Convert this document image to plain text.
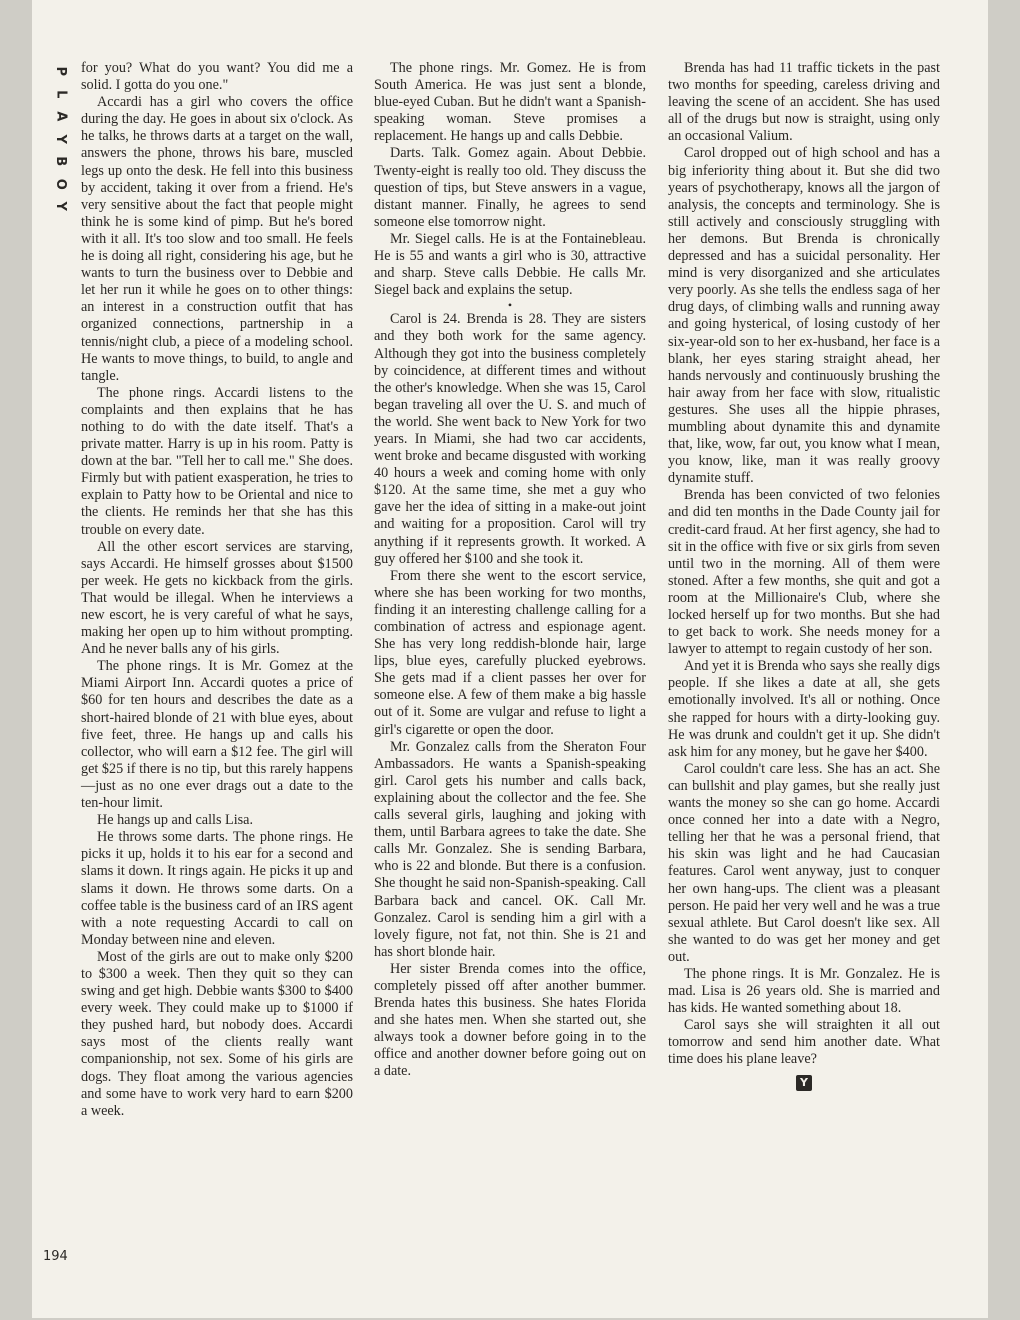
P
L
A
Y
B
O
Y
194

for you? What do you want? You did me a solid. I gotta do you one."

Accardi has a girl who covers the office during the day. He goes in about six o'clock. As he talks, he throws darts at a target on the wall, answers the phone, throws his bare, muscled legs up onto the desk. He fell into this business by accident, taking it over from a friend. He's very sensitive about the fact that people might think he is some kind of pimp. But he's bored with it all. It's too slow and too small. He feels he is doing all right, considering his age, but he wants to turn the business over to Debbie and let her run it while he goes on to other things: an interest in a construction outfit that has organized connections, partnership in a tennis/night club, a piece of a modeling school. He wants to move things, to build, to angle and tangle.

The phone rings. Accardi listens to the complaints and then explains that he has nothing to do with the date itself. That's a private matter. Harry is up in his room. Patty is down at the bar. "Tell her to call me." She does. Firmly but with patient exasperation, he tries to explain to Patty how to be Oriental and nice to the clients. He reminds her that she has this trouble on every date.

All the other escort services are starving, says Accardi. He himself grosses about $1500 per week. He gets no kickback from the girls. That would be illegal. When he interviews a new escort, he is very careful of what he says, making her open up to him without prompting. And he never balls any of his girls.

The phone rings. It is Mr. Gomez at the Miami Airport Inn. Accardi quotes a price of $60 for ten hours and describes the date as a short-haired blonde of 21 with blue eyes, about five feet, three. He hangs up and calls his collector, who will earn a $12 fee. The girl will get $25 if there is no tip, but this rarely happens—just as no one ever drags out a date to the ten-hour limit.

He hangs up and calls Lisa.

He throws some darts. The phone rings. He picks it up, holds it to his ear for a second and slams it down. It rings again. He picks it up and slams it down. He throws some darts. On a coffee table is the business card of an IRS agent with a note requesting Accardi to call on Monday between nine and eleven.

Most of the girls are out to make only $200 to $300 a week. Then they quit so they can swing and get high. Debbie wants $300 to $400 every week. They could make up to $1000 if they pushed hard, but nobody does. Accardi says most of the clients really want companionship, not sex. Some of his girls are dogs. They float among the various agencies and some have to work very hard to earn $200 a week.

The phone rings. Mr. Gomez. He is from South America. He was just sent a blonde, blue-eyed Cuban. But he didn't want a Spanish-speaking woman. Steve promises a replacement. He hangs up and calls Debbie.

Darts. Talk. Gomez again. About Debbie. Twenty-eight is really too old. They discuss the question of tips, but Steve answers in a vague, distant manner. Finally, he agrees to send someone else tomorrow night.

Mr. Siegel calls. He is at the Fontainebleau. He is 55 and wants a girl who is 30, attractive and sharp. Steve calls Debbie. He calls Mr. Siegel back and explains the setup.

•

Carol is 24. Brenda is 28. They are sisters and they both work for the same agency. Although they got into the business completely by coincidence, at different times and without the other's knowledge. When she was 15, Carol began traveling all over the U. S. and much of the world. She went back to New York for two years. In Miami, she had two car accidents, went broke and became disgusted with working 40 hours a week and coming home with only $120. At the same time, she met a guy who gave her the idea of sitting in a make-out joint and waiting for a proposition. Carol will try anything if it represents growth. It worked. A guy offered her $100 and she took it.

From there she went to the escort service, where she has been working for two months, finding it an interesting challenge calling for a combination of actress and espionage agent. She has very long reddish-blonde hair, large lips, blue eyes, carefully plucked eyebrows. She gets mad if a client passes her over for someone else. A few of them make a big hassle out of it. Some are vulgar and refuse to light a girl's cigarette or open the door.

Mr. Gonzalez calls from the Sheraton Four Ambassadors. He wants a Spanish-speaking girl. Carol gets his number and calls back, explaining about the collector and the fee. She calls several girls, laughing and joking with them, until Barbara agrees to take the date. She calls Mr. Gonzalez. She is sending Barbara, who is 22 and blonde. But there is a confusion. She thought he said non-Spanish-speaking. Call Barbara back and cancel. OK. Call Mr. Gonzalez. Carol is sending him a girl with a lovely figure, not fat, not thin. She is 21 and has short blonde hair.

Her sister Brenda comes into the office, completely pissed off after another bummer. Brenda hates this business. She hates Florida and she hates men. When she started out, she always took a downer before going in to the office and another downer before going out on a date.

Brenda has had 11 traffic tickets in the past two months for speeding, careless driving and leaving the scene of an accident. She has used all of the drugs but now is straight, using only an occasional Valium.

Carol dropped out of high school and has a big inferiority thing about it. But she did two years of psychotherapy, knows all the jargon of analysis, the concepts and terminology. She is still actively and consciously struggling with her demons. But Brenda is chronically depressed and has a suicidal personality. Her mind is very disorganized and she articulates very poorly. As she tells the endless saga of her drug days, of climbing walls and running away and going hysterical, of losing custody of her six-year-old son to her ex-husband, her face is a blank, her eyes staring straight ahead, her hands nervously and continuously brushing the hair away from her face with slow, ritualistic gestures. She uses all the hippie phrases, mumbling about dynamite this and dynamite that, like, wow, far out, you know what I mean, you know, like, man it was really groovy dynamite stuff.

Brenda has been convicted of two felonies and did ten months in the Dade County jail for credit-card fraud. At her first agency, she had to sit in the office with five or six girls from seven until two in the morning. All of them were stoned. After a few months, she quit and got a room at the Millionaire's Club, where she locked herself up for two months. But she had to get back to work. She needs money for a lawyer to attempt to regain custody of her son.

And yet it is Brenda who says she really digs people. If she likes a date at all, she gets emotionally involved. It's all or nothing. Once she rapped for hours with a dirty-looking guy. He was drunk and couldn't get it up. She didn't ask him for any money, but he gave her $400.

Carol couldn't care less. She has an act. She can bullshit and play games, but she really just wants the money so she can go home. Accardi once conned her into a date with a Negro, telling her that he was a personal friend, that his skin was light and he had Caucasian features. Carol went anyway, just to conquer her own hang-ups. The client was a pleasant person. He paid her very well and he was a true sexual athlete. But Carol doesn't like sex. All she wanted to do was get her money and get out.

The phone rings. It is Mr. Gonzalez. He is mad. Lisa is 26 years old. She is married and has kids. He wanted something about 18.

Carol says she will straighten it all out tomorrow and send him another date. What time does his plane leave?

Y
